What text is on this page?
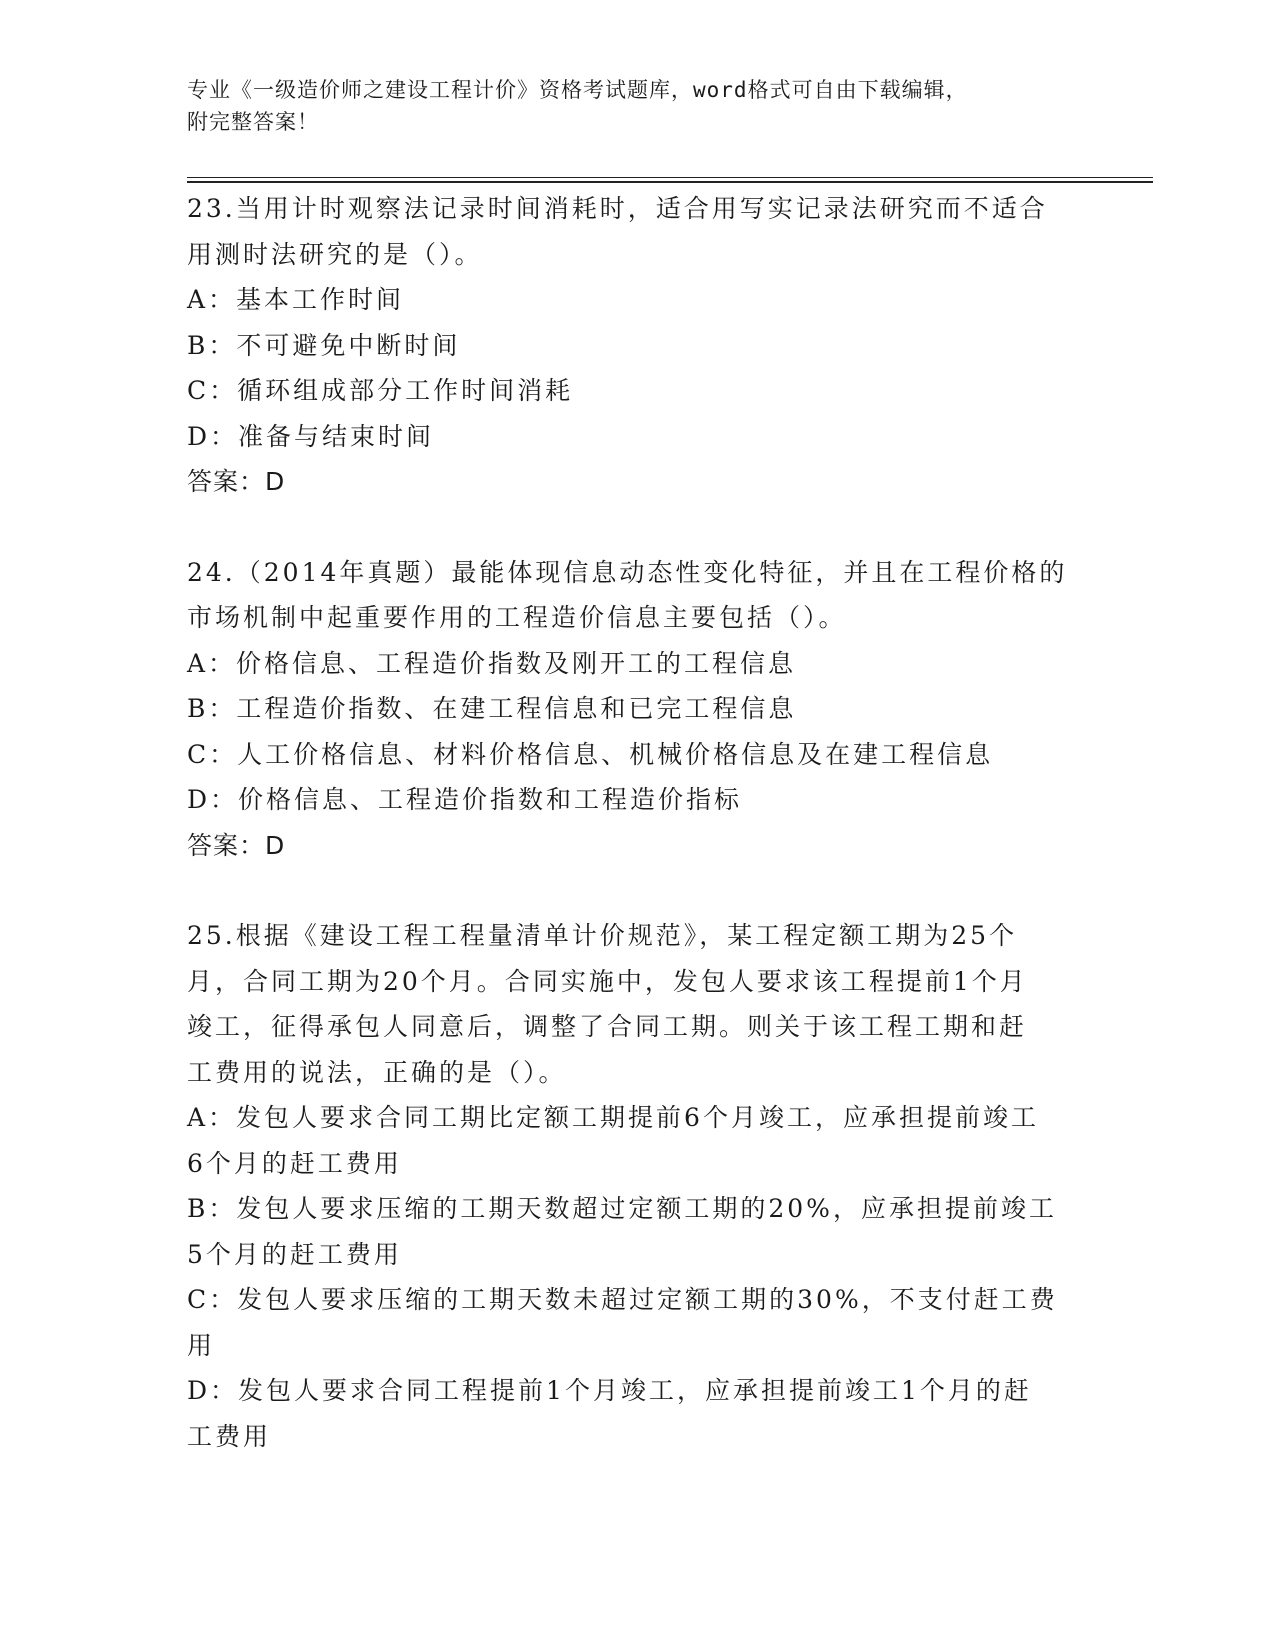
专业《一级造价师之建设工程计价》资格考试题库，word格式可自由下载编辑，

附完整答案！

23.当用计时观察法记录时间消耗时，适合用写实记录法研究而不适合

用测时法研究的是（）。

A：基本工作时间

B：不可避免中断时间

C：循环组成部分工作时间消耗

D：准备与结束时间

答案：D

24.（2014年真题）最能体现信息动态性变化特征，并且在工程价格的

市场机制中起重要作用的工程造价信息主要包括（）。

A：价格信息、工程造价指数及刚开工的工程信息

B：工程造价指数、在建工程信息和已完工程信息

C：人工价格信息、材料价格信息、机械价格信息及在建工程信息

D：价格信息、工程造价指数和工程造价指标

答案：D

25.根据《建设工程工程量清单计价规范》，某工程定额工期为25个

月，合同工期为20个月。合同实施中，发包人要求该工程提前1个月

竣工，征得承包人同意后，调整了合同工期。则关于该工程工期和赶

工费用的说法，正确的是（）。

A：发包人要求合同工期比定额工期提前6个月竣工，应承担提前竣工

6个月的赶工费用

B：发包人要求压缩的工期天数超过定额工期的20%，应承担提前竣工

5个月的赶工费用

C：发包人要求压缩的工期天数未超过定额工期的30%，不支付赶工费

用

D：发包人要求合同工程提前1个月竣工，应承担提前竣工1个月的赶

工费用
